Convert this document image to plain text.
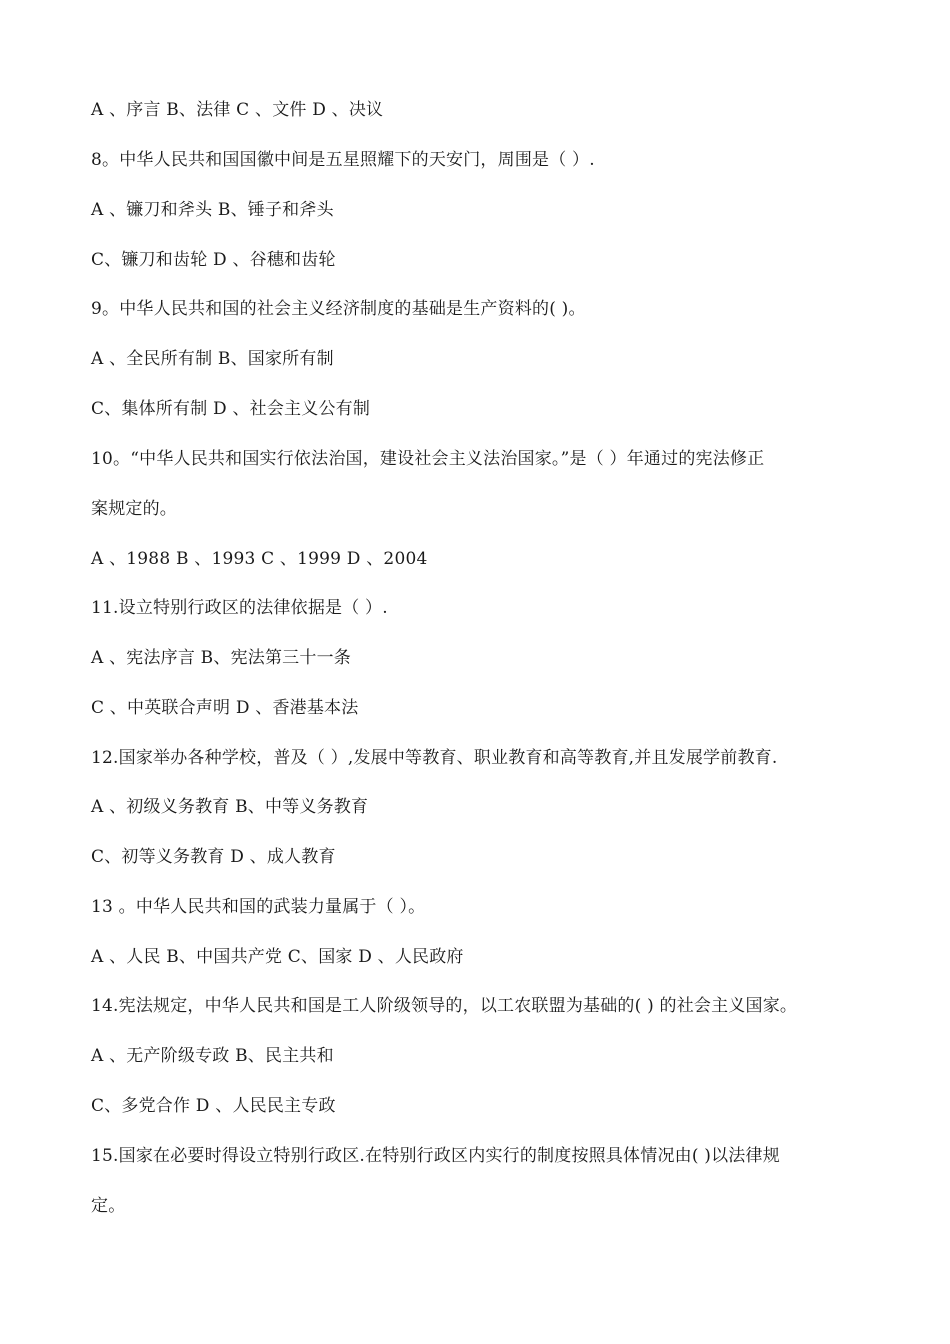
A 、序言 B、法律 C 、文件 D 、决议
8。中华人民共和国国徽中间是五星照耀下的天安门，周围是（ ）.
A 、镰刀和斧头 B、锤子和斧头
C、镰刀和齿轮 D 、谷穗和齿轮
9。中华人民共和国的社会主义经济制度的基础是生产资料的( )。
A 、全民所有制 B、国家所有制
C、集体所有制 D 、社会主义公有制
10。“中华人民共和国实行依法治国，建设社会主义法治国家。”是（ ）年通过的宪法修正
案规定的。
A 、1988 B 、1993 C 、1999 D 、2004
11.设立特别行政区的法律依据是（ ）.
A 、宪法序言 B、宪法第三十一条
C 、中英联合声明 D 、香港基本法
12.国家举办各种学校，普及（ ）,发展中等教育、职业教育和高等教育,并且发展学前教育.
A 、初级义务教育 B、中等义务教育
C、初等义务教育 D 、成人教育
13 。中华人民共和国的武装力量属于（ ）。
A 、人民 B、中国共产党 C、国家 D 、人民政府
14.宪法规定，中华人民共和国是工人阶级领导的，以工农联盟为基础的( ) 的社会主义国家。
A 、无产阶级专政 B、民主共和
C、多党合作 D 、人民民主专政
15.国家在必要时得设立特别行政区.在特别行政区内实行的制度按照具体情况由( )以法律规
定。
